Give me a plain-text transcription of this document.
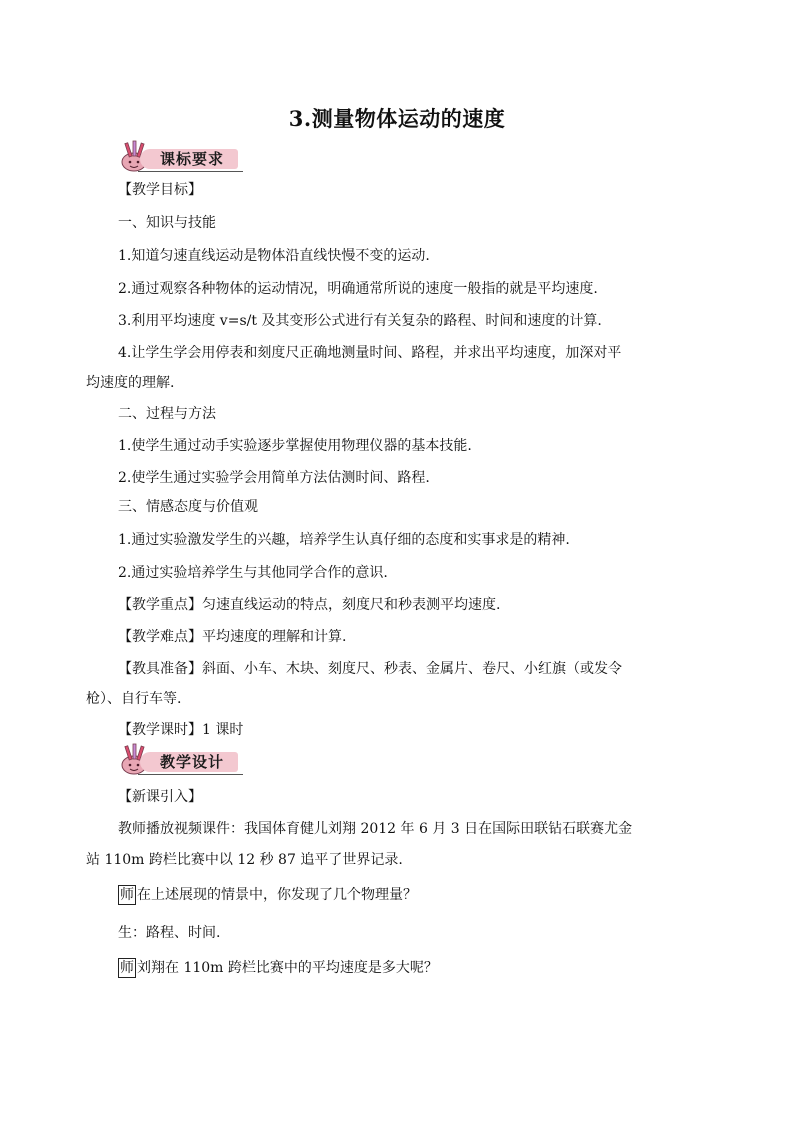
3.测量物体运动的速度
课标要求
【教学目标】
一、知识与技能
1.知道匀速直线运动是物体沿直线快慢不变的运动.
2.通过观察各种物体的运动情况，明确通常所说的速度一般指的就是平均速度.
3.利用平均速度 v=s/t 及其变形公式进行有关复杂的路程、时间和速度的计算.
4.让学生学会用停表和刻度尺正确地测量时间、路程，并求出平均速度，加深对平
均速度的理解.
二、过程与方法
1.使学生通过动手实验逐步掌握使用物理仪器的基本技能.
2.使学生通过实验学会用简单方法估测时间、路程.
三、情感态度与价值观
1.通过实验激发学生的兴趣，培养学生认真仔细的态度和实事求是的精神.
2.通过实验培养学生与其他同学合作的意识.
【教学重点】匀速直线运动的特点，刻度尺和秒表测平均速度.
【教学难点】平均速度的理解和计算.
【教具准备】斜面、小车、木块、刻度尺、秒表、金属片、卷尺、小红旗（或发令
枪）、自行车等.
【教学课时】1 课时
教学设计
【新课引入】
教师播放视频课件：我国体育健儿刘翔 2012 年 6 月 3 日在国际田联钻石联赛尤金
站 110m 跨栏比赛中以 12 秒 87 追平了世界记录.
师 在上述展现的情景中，你发现了几个物理量？
生：路程、时间.
师 刘翔在 110m 跨栏比赛中的平均速度是多大呢？
